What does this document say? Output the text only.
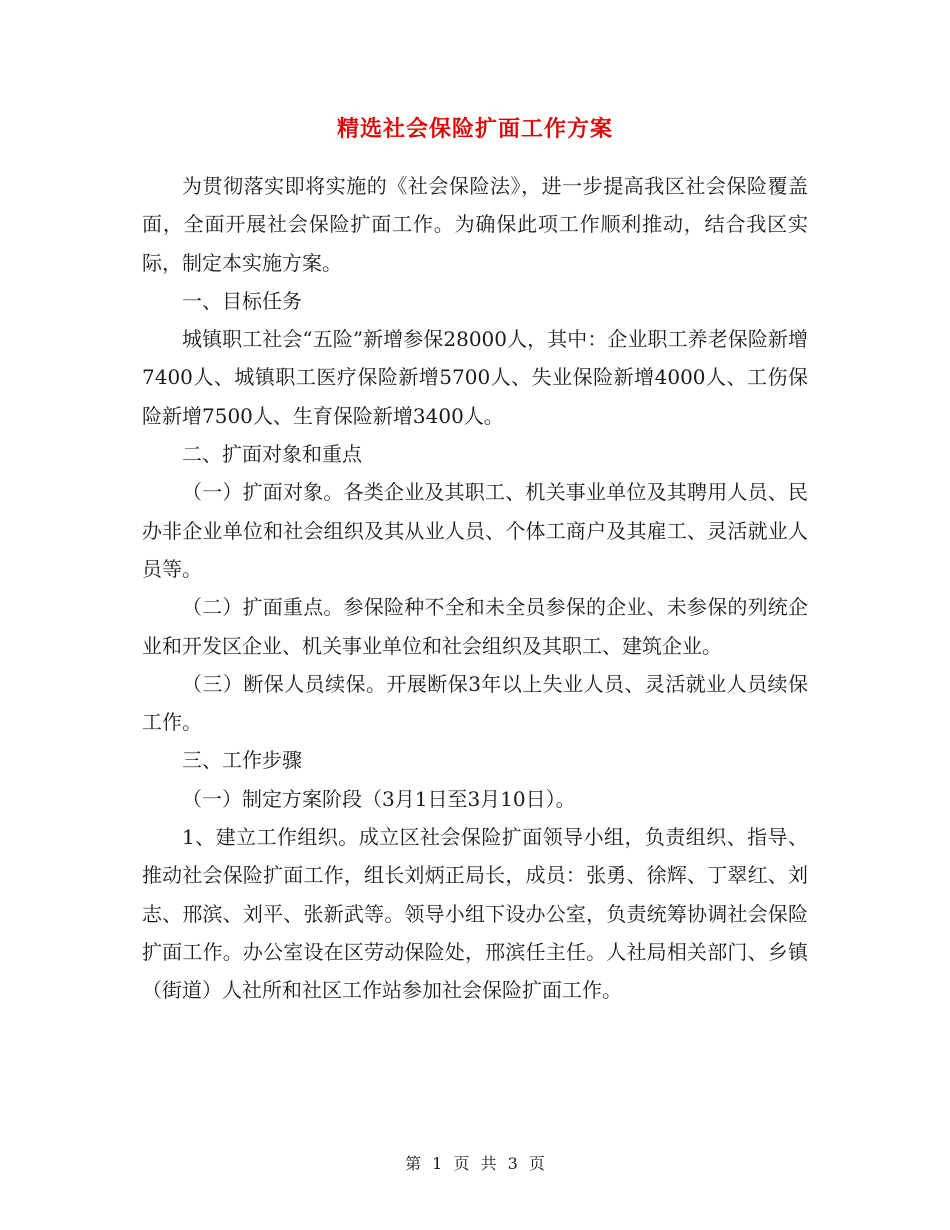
精选社会保险扩面工作方案

为贯彻落实即将实施的《社会保险法》，进一步提高我区社会保险覆盖面，全面开展社会保险扩面工作。为确保此项工作顺利推动，结合我区实际，制定本实施方案。

一、目标任务

城镇职工社会“五险”新增参保28000人，其中：企业职工养老保险新增7400人、城镇职工医疗保险新增5700人、失业保险新增4000人、工伤保险新增7500人、生育保险新增3400人。

二、扩面对象和重点

（一）扩面对象。各类企业及其职工、机关事业单位及其聘用人员、民办非企业单位和社会组织及其从业人员、个体工商户及其雇工、灵活就业人员等。

（二）扩面重点。参保险种不全和未全员参保的企业、未参保的列统企业和开发区企业、机关事业单位和社会组织及其职工、建筑企业。

（三）断保人员续保。开展断保3年以上失业人员、灵活就业人员续保工作。

三、工作步骤

（一）制定方案阶段（3月1日至3月10日）。

1、建立工作组织。成立区社会保险扩面领导小组，负责组织、指导、推动社会保险扩面工作，组长刘炳正局长，成员：张勇、徐辉、丁翠红、刘志、邢滨、刘平、张新武等。领导小组下设办公室，负责统筹协调社会保险扩面工作。办公室设在区劳动保险处，邢滨任主任。人社局相关部门、乡镇（街道）人社所和社区工作站参加社会保险扩面工作。

第 1 页 共 3 页
